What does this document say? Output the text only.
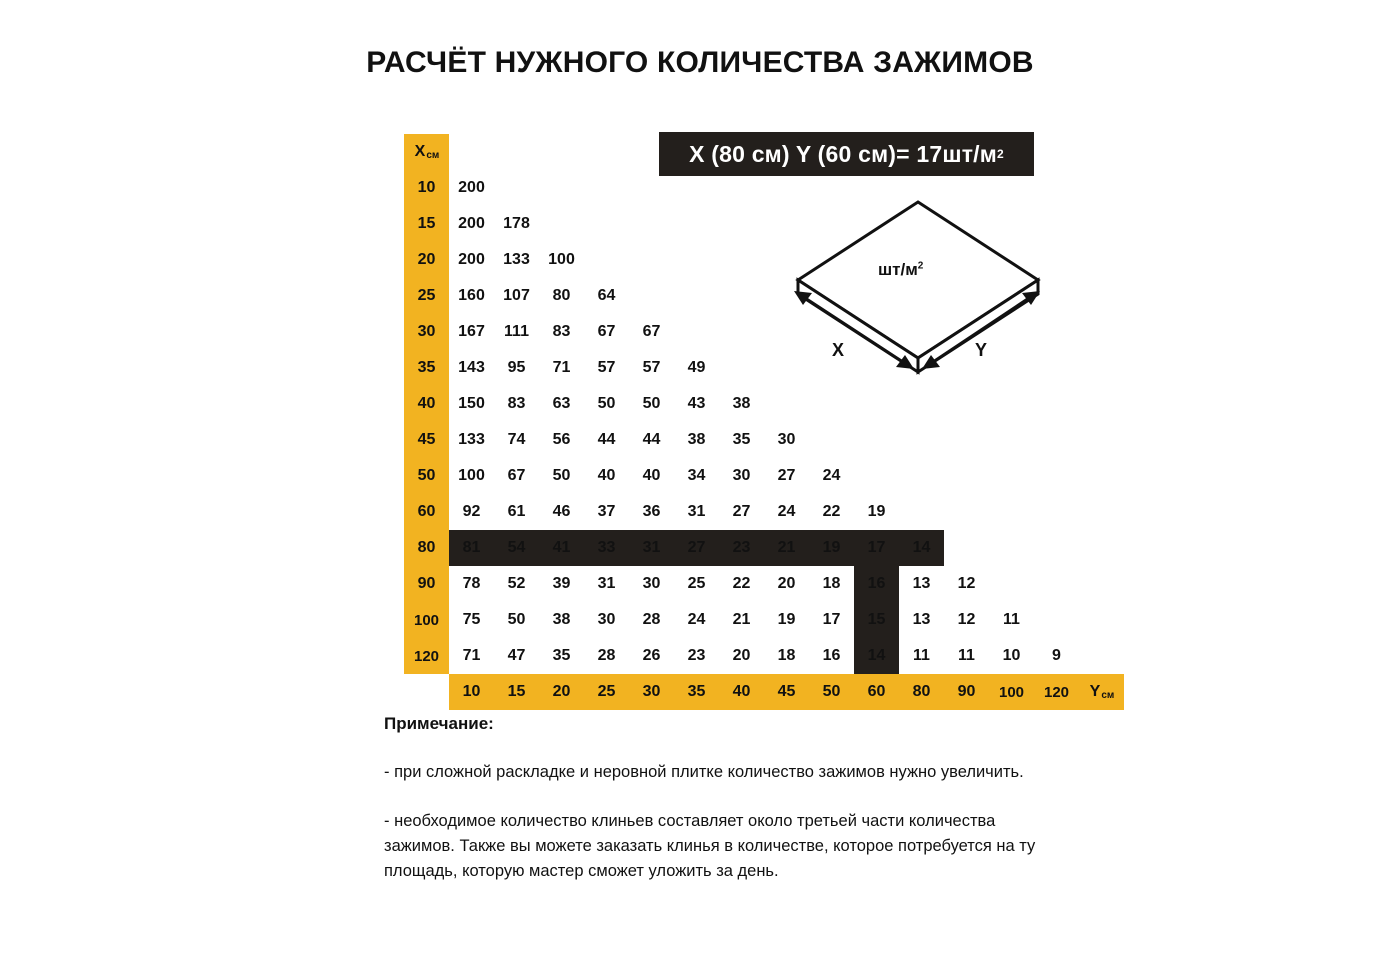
РАСЧЁТ НУЖНОГО КОЛИЧЕСТВА ЗАЖИМОВ
X (80 см) Y (60 см)= 17шт/м 2
$шт/м^2$
X	Y
Xсм															
10	200														
15	200	178													
20	200	133	100												
25	160	107	80	64											
30	167	111	83	67	67										
35	143	95	71	57	57	49									
40	150	83	63	50	50	43	38								
45	133	74	56	44	44	38	35	30							
50	100	67	50	40	40	34	30	27	24						
60	92	61	46	37	36	31	27	24	22	19					
80	81	54	41	33	31	27	23	21	19	17	14				
90	78	52	39	31	30	25	22	20	18	16	13	12			
100	75	50	38	30	28	24	21	19	17	15	13	12	11		
120	71	47	35	28	26	23	20	18	16	14	11	11	10	9	
	10	15	20	25	30	35	40	45	50	60	80	90	100	120	Yсм
Примечание:

- при сложной раскладке и неровной плитке количество зажимов нужно увеличить.

- необходимое количество клиньев составляет около третьей части количества зажимов. Также вы можете заказать клинья в количестве, которое потребуется на ту площадь, которую мастер сможет уложить за день.
